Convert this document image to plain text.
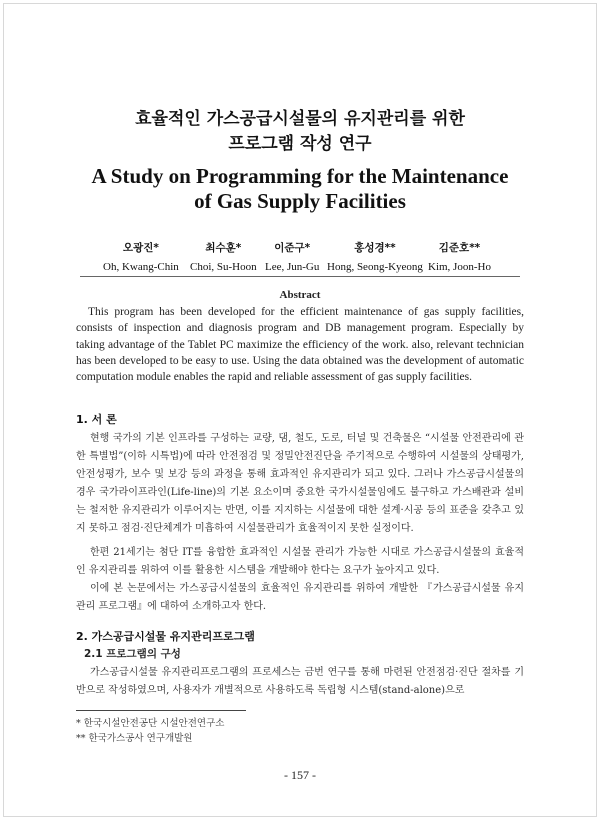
효율적인 가스공급시설물의 유지관리를 위한
프로그램 작성 연구
A Study on Programming for the Maintenance
of Gas Supply Facilities
오광진*
Oh, Kwang-Chin
최수훈*
Choi, Su-Hoon
이준구*
Lee, Jun-Gu
홍성경**
Hong, Seong-Kyeong
김준호**
Kim, Joon-Ho
Abstract
This program has been developed for the efficient maintenance of gas supply facilities, consists of inspection and diagnosis program and DB management program. Especially by taking advantage of the Tablet PC maximize the efficiency of the work. also, relevant technician has been developed to be easy to use. Using the data obtained was the development of automatic computation module enables the rapid and reliable assessment of gas supply facilities.
1. 서 론

현행 국가의 기본 인프라를 구성하는 교량, 댐, 철도, 도로, 터널 및 건축물은 “시설물 안전관리에 관한 특별법”(이하 시특법)에 따라 안전점검 및 정밀안전진단을 주기적으로 수행하여 시설물의 상태평가, 안전성평가, 보수 및 보강 등의 과정을 통해 효과적인 유지관리가 되고 있다. 그러나 가스공급시설물의 경우 국가라이프라인(Life-line)의 기본 요소이며 중요한 국가시설물임에도 불구하고 가스배관과 설비는 철저한 유지관리가 이루어지는 반면, 이를 지지하는 시설물에 대한 설계·시공 등의 표준을 갖추고 있지 못하고 점검·진단체계가 미흡하여 시설물관리가 효율적이지 못한 실정이다.

한편 21세기는 첨단 IT를 융합한 효과적인 시설물 관리가 가능한 시대로 가스공급시설물의 효율적인 유지관리를 위하여 이를 활용한 시스템을 개발해야 한다는 요구가 높아지고 있다.

이에 본 논문에서는 가스공급시설물의 효율적인 유지관리를 위하여 개발한 『가스공급시설물 유지관리 프로그램』에 대하여 소개하고자 한다.

2. 가스공급시설물 유지관리프로그램
2.1 프로그램의 구성

가스공급시설물 유지관리프로그램의 프로세스는 금번 연구를 통해 마련된 안전점검·진단 절차를 기반으로 작성하였으며, 사용자가 개별적으로 사용하도록 독립형 시스템(stand-alone)으로

* 한국시설안전공단 시설안전연구소
** 한국가스공사 연구개발원
- 157 -
